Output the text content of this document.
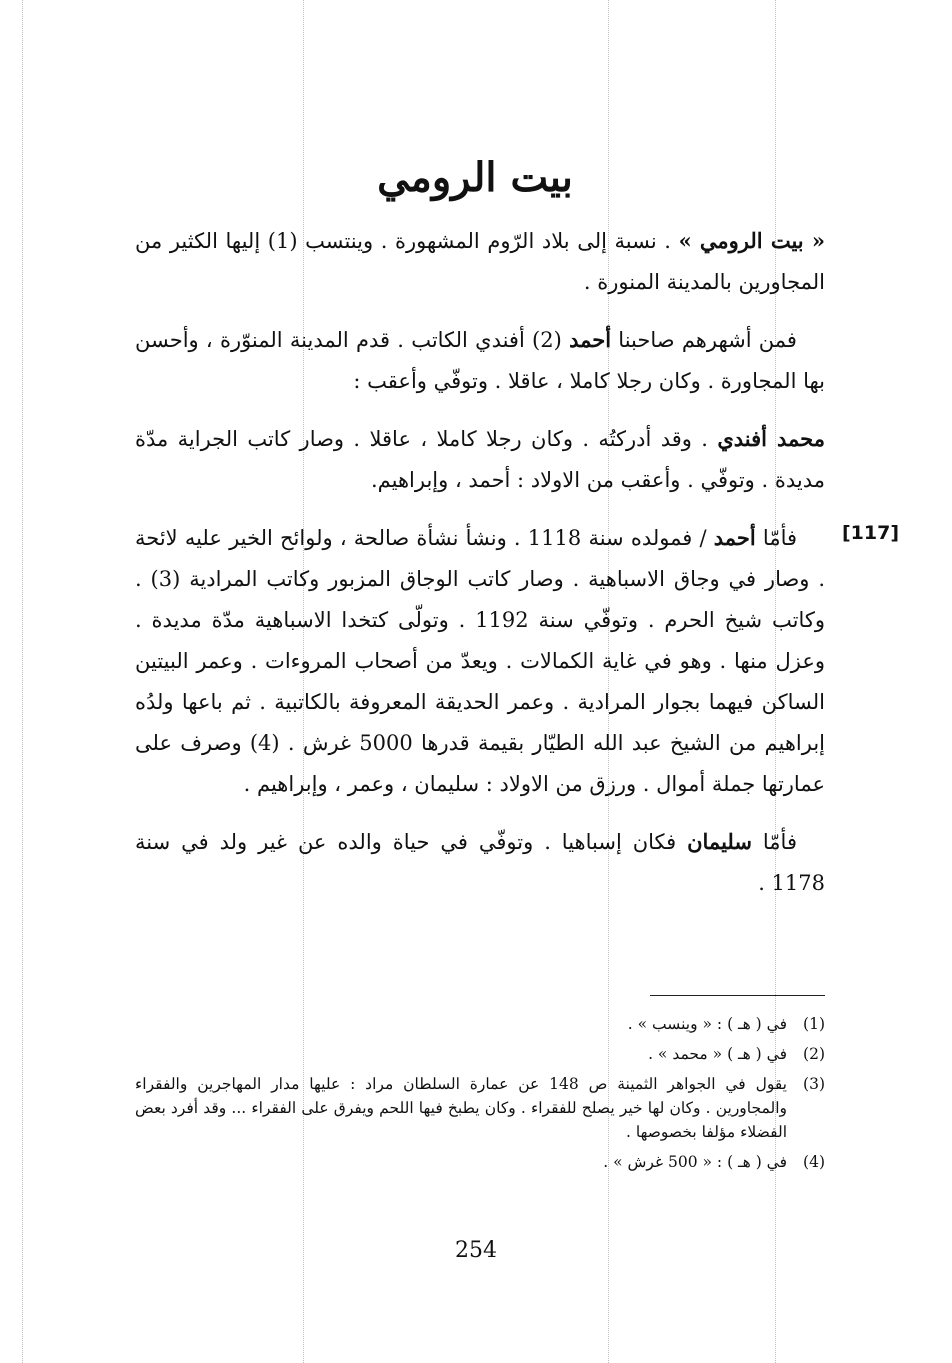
بيت الرومي
[117]

« بيت الرومي » . نسبة إلى بلاد الرّوم المشهورة . وينتسب (1) إليها الكثير من المجاورين بالمدينة المنورة .

فمن أشهرهم صاحبنا أحمد (2) أفندي الكاتب . قدم المدينة المنوّرة ، وأحسن بها المجاورة . وكان رجلا كاملا ، عاقلا . وتوفّي وأعقب :

محمد أفندي . وقد أدركتُه . وكان رجلا كاملا ، عاقلا . وصار كاتب الجراية مدّة مديدة . وتوفّي . وأعقب من الاولاد : أحمد ، وإبراهيم.

فأمّا أحمد / فمولده سنة 1118 . ونشأ نشأة صالحة ، ولوائح الخير عليه لائحة . وصار في وجاق الاسباهية . وصار كاتب الوجاق المزبور وكاتب المرادية (3) . وكاتب شيخ الحرم . وتوفّي سنة 1192 . وتولّى كتخدا الاسباهية مدّة مديدة . وعزل منها . وهو في غاية الكمالات . ويعدّ من أصحاب المروءات . وعمر البيتين الساكن فيهما بجوار المرادية . وعمر الحديقة المعروفة بالكاتبية . ثم باعها ولدُه إبراهيم من الشيخ عبد الله الطيّار بقيمة قدرها 5000 غرش . (4) وصرف على عمارتها جملة أموال . ورزق من الاولاد : سليمان ، وعمر ، وإبراهيم .

فأمّا سليمان فكان إسباهيا . وتوفّي في حياة والده عن غير ولد في سنة 1178 .

(1)
في ( هـ ) : « وينسب » .
(2)
في ( هـ ) « محمد » .
(3)
يقول في الجواهر الثمينة ص 148 عن عمارة السلطان مراد : عليها مدار المهاجرين والفقراء والمجاورين . وكان لها خير يصلح للفقراء . وكان يطبخ فيها اللحم ويفرق على الفقراء ... وقد أفرد بعض الفضلاء مؤلفا بخصوصها .
(4)
في ( هـ ) : « 500 غرش » .
254
